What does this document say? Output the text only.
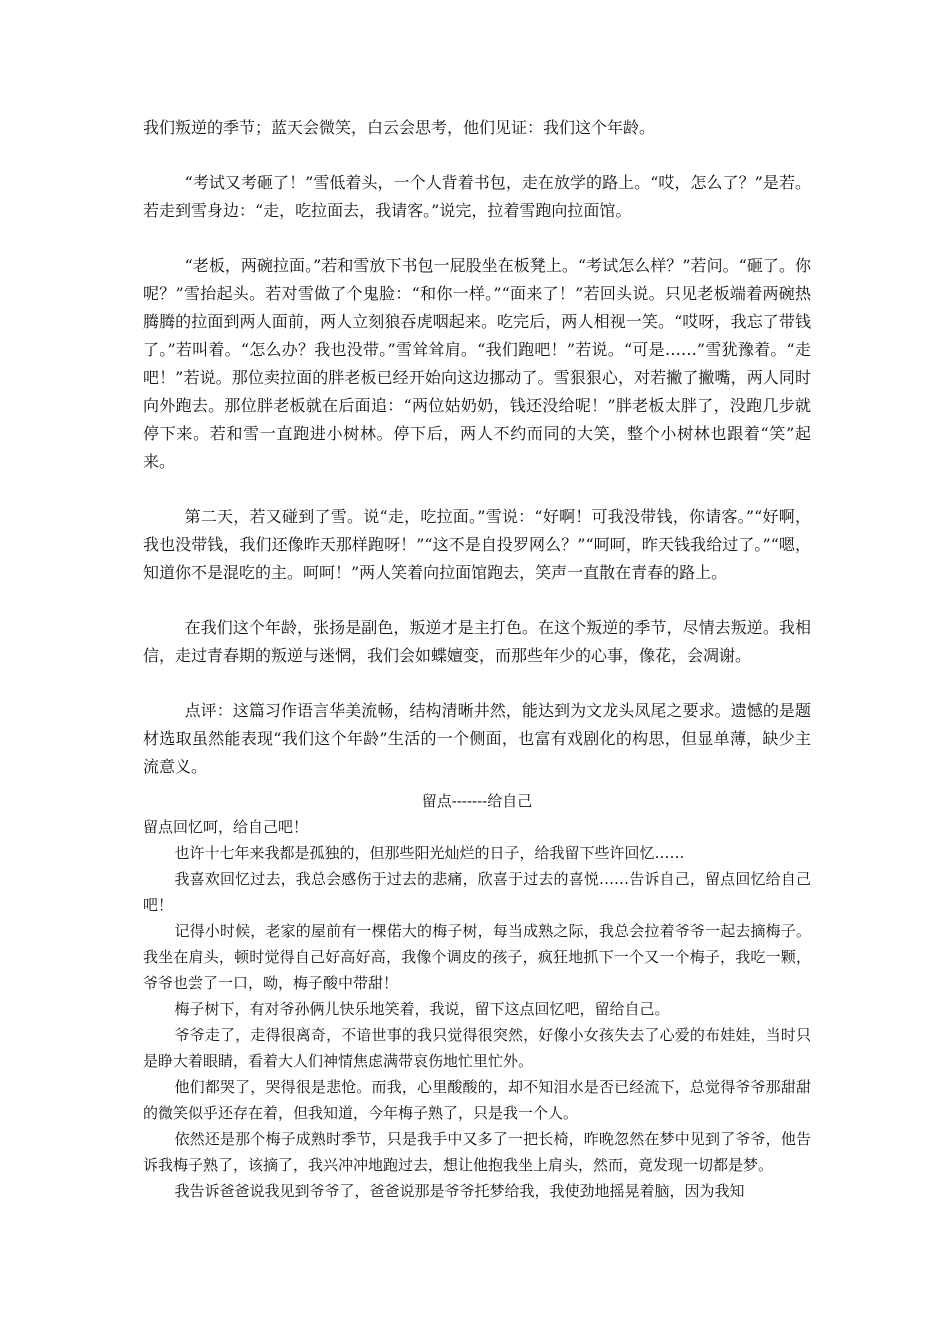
我们叛逆的季节；蓝天会微笑，白云会思考，他们见证：我们这个年龄。

“考试又考砸了！”雪低着头，一个人背着书包，走在放学的路上。“哎，怎么了？”是若。若走到雪身边：“走，吃拉面去，我请客。”说完，拉着雪跑向拉面馆。

“老板，两碗拉面。”若和雪放下书包一屁股坐在板凳上。“考试怎么样？”若问。“砸了。你呢？”雪抬起头。若对雪做了个鬼脸：“和你一样。”“面来了！”若回头说。只见老板端着两碗热腾腾的拉面到两人面前，两人立刻狼吞虎咽起来。吃完后，两人相视一笑。“哎呀，我忘了带钱了。”若叫着。“怎么办？我也没带。”雪耸耸肩。“我们跑吧！”若说。“可是……”雪犹豫着。“走吧！”若说。那位卖拉面的胖老板已经开始向这边挪动了。雪狠狠心，对若撇了撇嘴，两人同时向外跑去。那位胖老板就在后面追：“两位姑奶奶，钱还没给呢！”胖老板太胖了，没跑几步就停下来。若和雪一直跑进小树林。停下后，两人不约而同的大笑，整个小树林也跟着“笑”起来。

第二天，若又碰到了雪。说“走，吃拉面。”雪说：“好啊！可我没带钱，你请客。”“好啊，我也没带钱，我们还像昨天那样跑呀！”“这不是自投罗网么？”“呵呵，昨天钱我给过了。”“嗯，知道你不是混吃的主。呵呵！”两人笑着向拉面馆跑去，笑声一直散在青春的路上。

在我们这个年龄，张扬是副色，叛逆才是主打色。在这个叛逆的季节，尽情去叛逆。我相信，走过青春期的叛逆与迷惘，我们会如蝶嬗变，而那些年少的心事，像花，会凋谢。

点评：这篇习作语言华美流畅，结构清晰井然，能达到为文龙头凤尾之要求。遗憾的是题材选取虽然能表现“我们这个年龄”生活的一个侧面，也富有戏剧化的构思，但显单薄，缺少主流意义。

留点-------给自己

留点回忆呵，给自己吧！

也许十七年来我都是孤独的，但那些阳光灿烂的日子，给我留下些许回忆……

我喜欢回忆过去，我总会感伤于过去的悲痛，欣喜于过去的喜悦……告诉自己，留点回忆给自己吧！

记得小时候，老家的屋前有一棵偌大的梅子树，每当成熟之际，我总会拉着爷爷一起去摘梅子。我坐在肩头，顿时觉得自己好高好高，我像个调皮的孩子，疯狂地抓下一个又一个梅子，我吃一颗，爷爷也尝了一口，呦，梅子酸中带甜！

梅子树下，有对爷孙俩儿快乐地笑着，我说，留下这点回忆吧，留给自己。

爷爷走了，走得很离奇，不谙世事的我只觉得很突然，好像小女孩失去了心爱的布娃娃，当时只是睁大着眼睛，看着大人们神情焦虑满带哀伤地忙里忙外。

他们都哭了，哭得很是悲怆。而我，心里酸酸的，却不知泪水是否已经流下，总觉得爷爷那甜甜的微笑似乎还存在着，但我知道，今年梅子熟了，只是我一个人。

依然还是那个梅子成熟时季节，只是我手中又多了一把长椅，昨晚忽然在梦中见到了爷爷，他告诉我梅子熟了，该摘了，我兴冲冲地跑过去，想让他抱我坐上肩头，然而，竟发现一切都是梦。

我告诉爸爸说我见到爷爷了，爸爸说那是爷爷托梦给我，我使劲地摇晃着脑，因为我知
